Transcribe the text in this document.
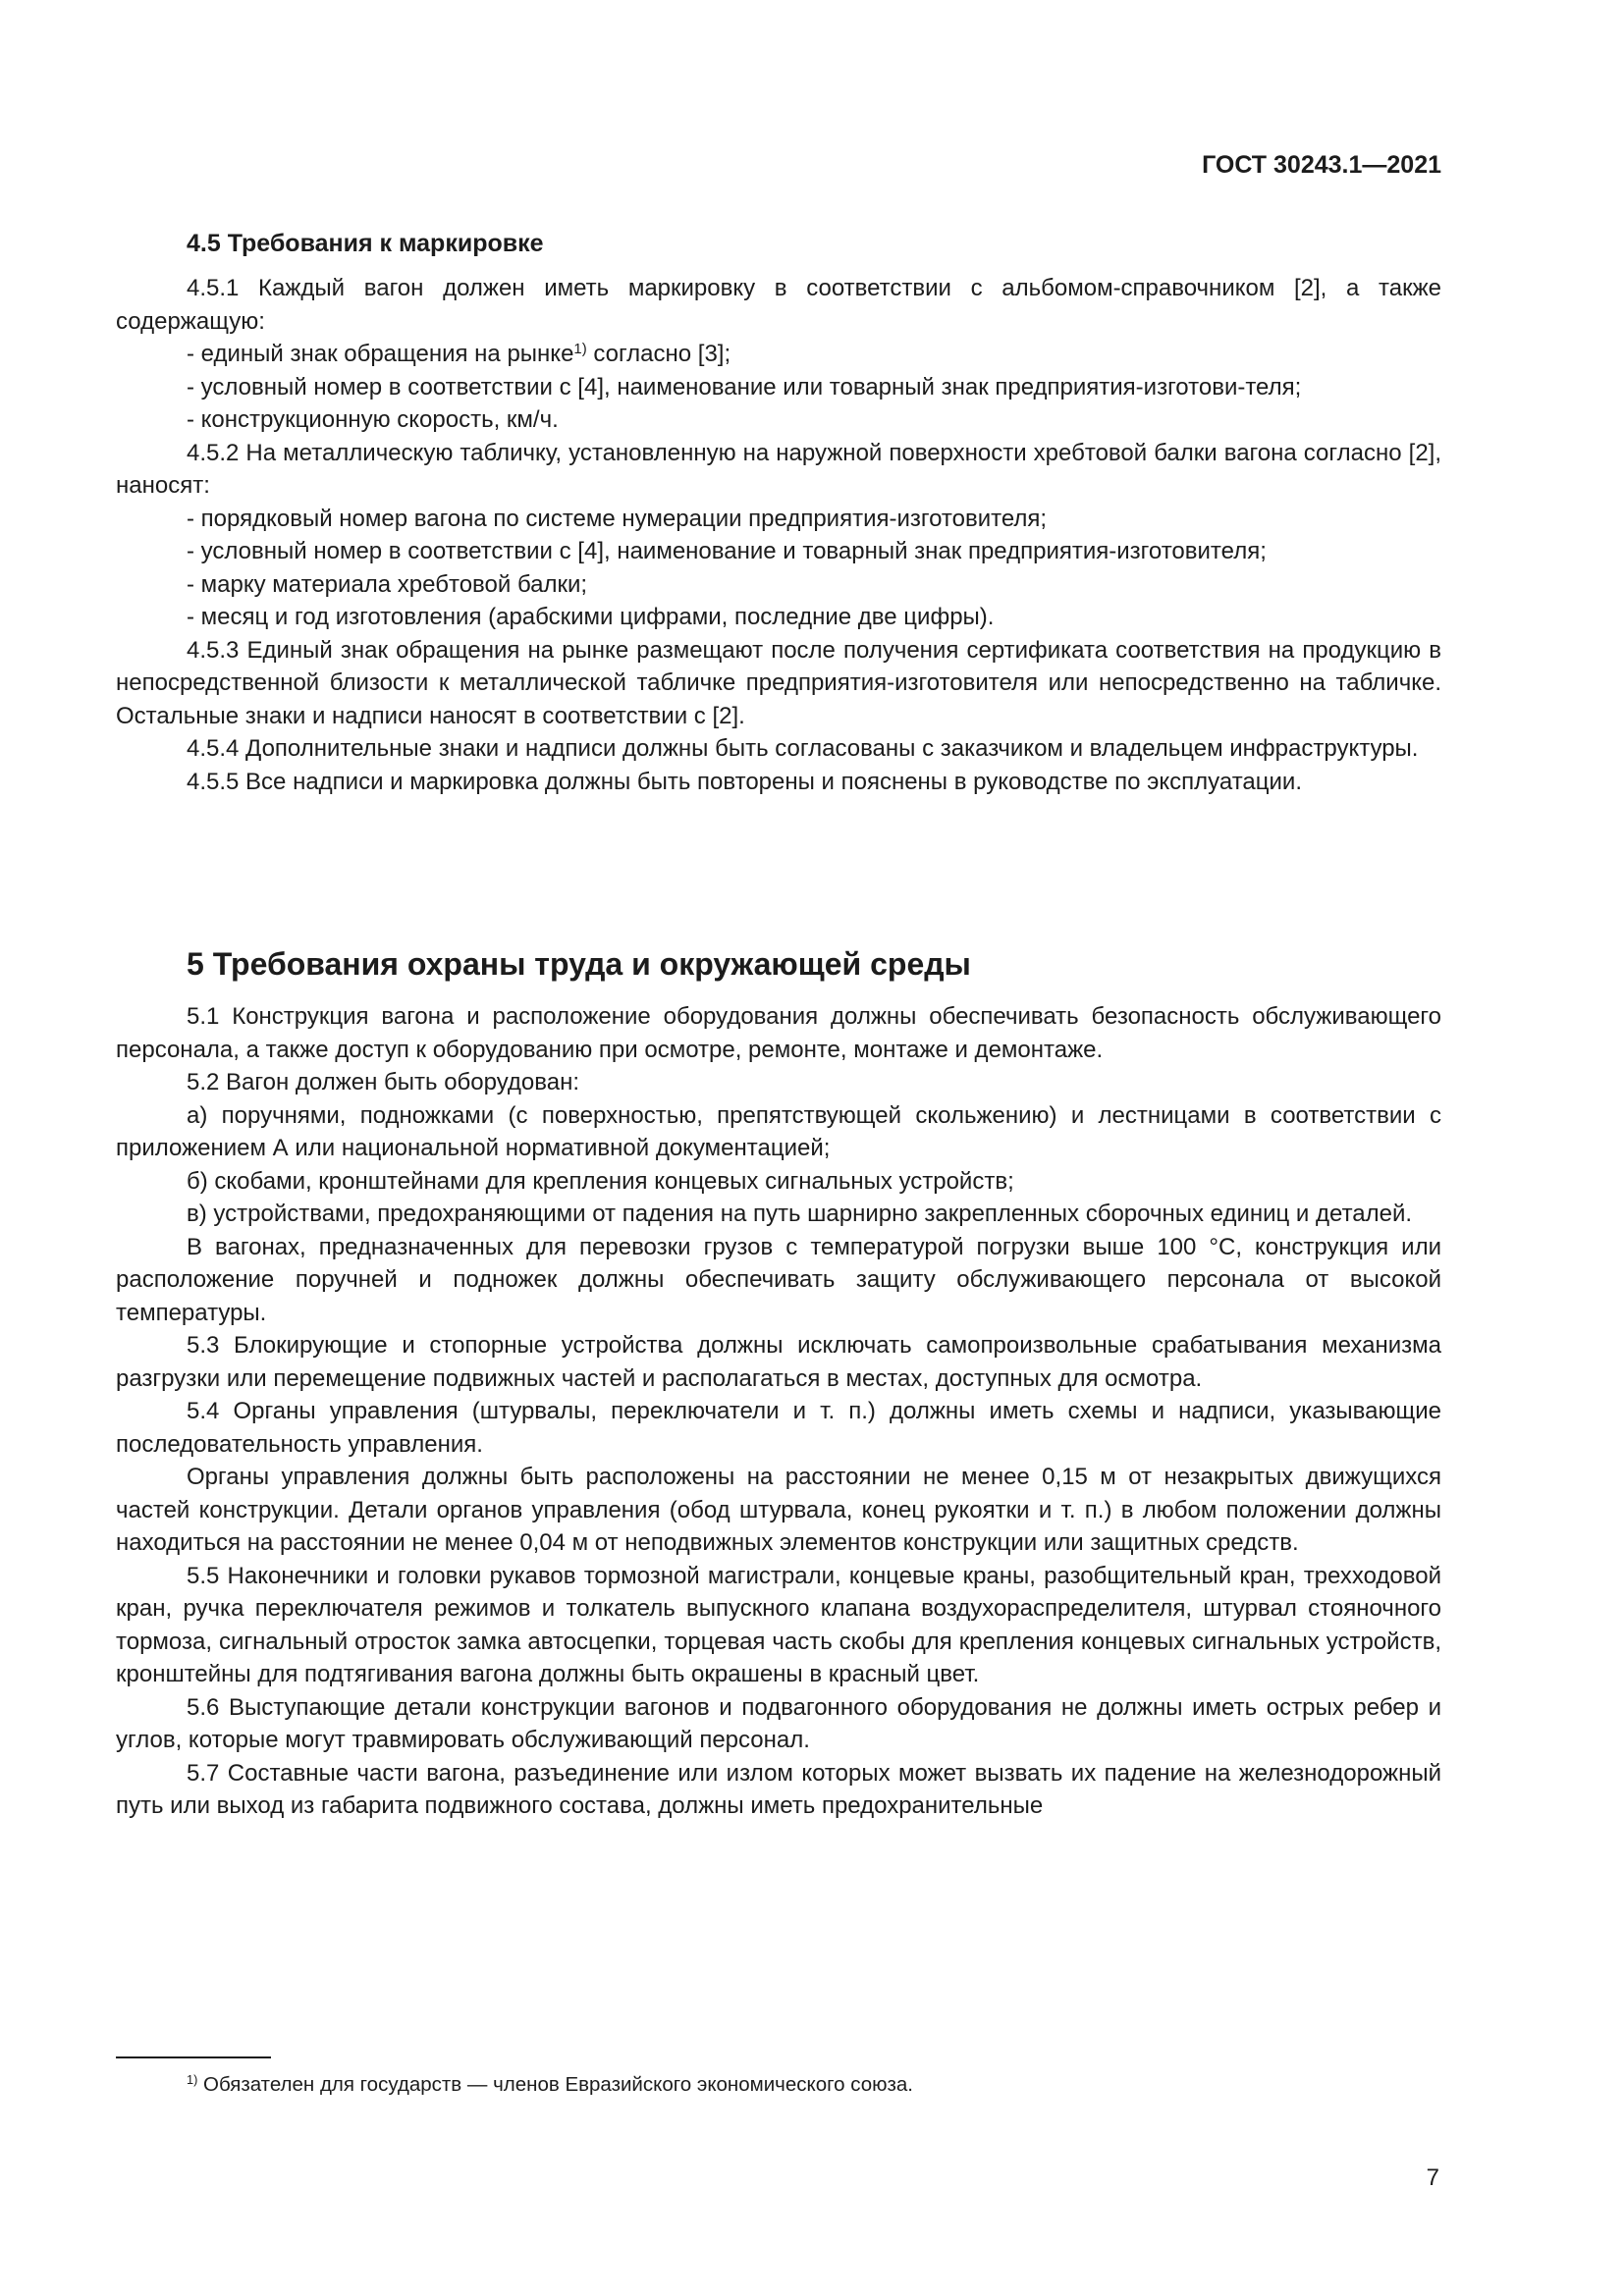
ГОСТ 30243.1—2021
4.5 Требования к маркировке
4.5.1 Каждый вагон должен иметь маркировку в соответствии с альбомом-справочником [2], а также содержащую:
- единый знак обращения на рынке$^{1)}$ согласно [3];
- условный номер в соответствии с [4], наименование или товарный знак предприятия-изготови-теля;
- конструкционную скорость, км/ч.
4.5.2 На металлическую табличку, установленную на наружной поверхности хребтовой балки вагона согласно [2], наносят:
- порядковый номер вагона по системе нумерации предприятия-изготовителя;
- условный номер в соответствии с [4], наименование и товарный знак предприятия-изготовителя;
- марку материала хребтовой балки;
- месяц и год изготовления (арабскими цифрами, последние две цифры).
4.5.3 Единый знак обращения на рынке размещают после получения сертификата соответствия на продукцию в непосредственной близости к металлической табличке предприятия-изготовителя или непосредственно на табличке. Остальные знаки и надписи наносят в соответствии с [2].
4.5.4 Дополнительные знаки и надписи должны быть согласованы с заказчиком и владельцем инфраструктуры.
4.5.5 Все надписи и маркировка должны быть повторены и пояснены в руководстве по эксплуатации.
5 Требования охраны труда и окружающей среды
5.1 Конструкция вагона и расположение оборудования должны обеспечивать безопасность обслуживающего персонала, а также доступ к оборудованию при осмотре, ремонте, монтаже и демонтаже.
5.2 Вагон должен быть оборудован:
а) поручнями, подножками (с поверхностью, препятствующей скольжению) и лестницами в соответствии с приложением А или национальной нормативной документацией;
б) скобами, кронштейнами для крепления концевых сигнальных устройств;
в) устройствами, предохраняющими от падения на путь шарнирно закрепленных сборочных единиц и деталей.
В вагонах, предназначенных для перевозки грузов с температурой погрузки выше 100 °С, конструкция или расположение поручней и подножек должны обеспечивать защиту обслуживающего персонала от высокой температуры.
5.3 Блокирующие и стопорные устройства должны исключать самопроизвольные срабатывания механизма разгрузки или перемещение подвижных частей и располагаться в местах, доступных для осмотра.
5.4 Органы управления (штурвалы, переключатели и т. п.) должны иметь схемы и надписи, указывающие последовательность управления.
Органы управления должны быть расположены на расстоянии не менее 0,15 м от незакрытых движущихся частей конструкции. Детали органов управления (обод штурвала, конец рукоятки и т. п.) в любом положении должны находиться на расстоянии не менее 0,04 м от неподвижных элементов конструкции или защитных средств.
5.5 Наконечники и головки рукавов тормозной магистрали, концевые краны, разобщительный кран, трехходовой кран, ручка переключателя режимов и толкатель выпускного клапана воздухораспределителя, штурвал стояночного тормоза, сигнальный отросток замка автосцепки, торцевая часть скобы для крепления концевых сигнальных устройств, кронштейны для подтягивания вагона должны быть окрашены в красный цвет.
5.6 Выступающие детали конструкции вагонов и подвагонного оборудования не должны иметь острых ребер и углов, которые могут травмировать обслуживающий персонал.
5.7 Составные части вагона, разъединение или излом которых может вызвать их падение на железнодорожный путь или выход из габарита подвижного состава, должны иметь предохранительные
$^{1)}$ Обязателен для государств — членов Евразийского экономического союза.
7
